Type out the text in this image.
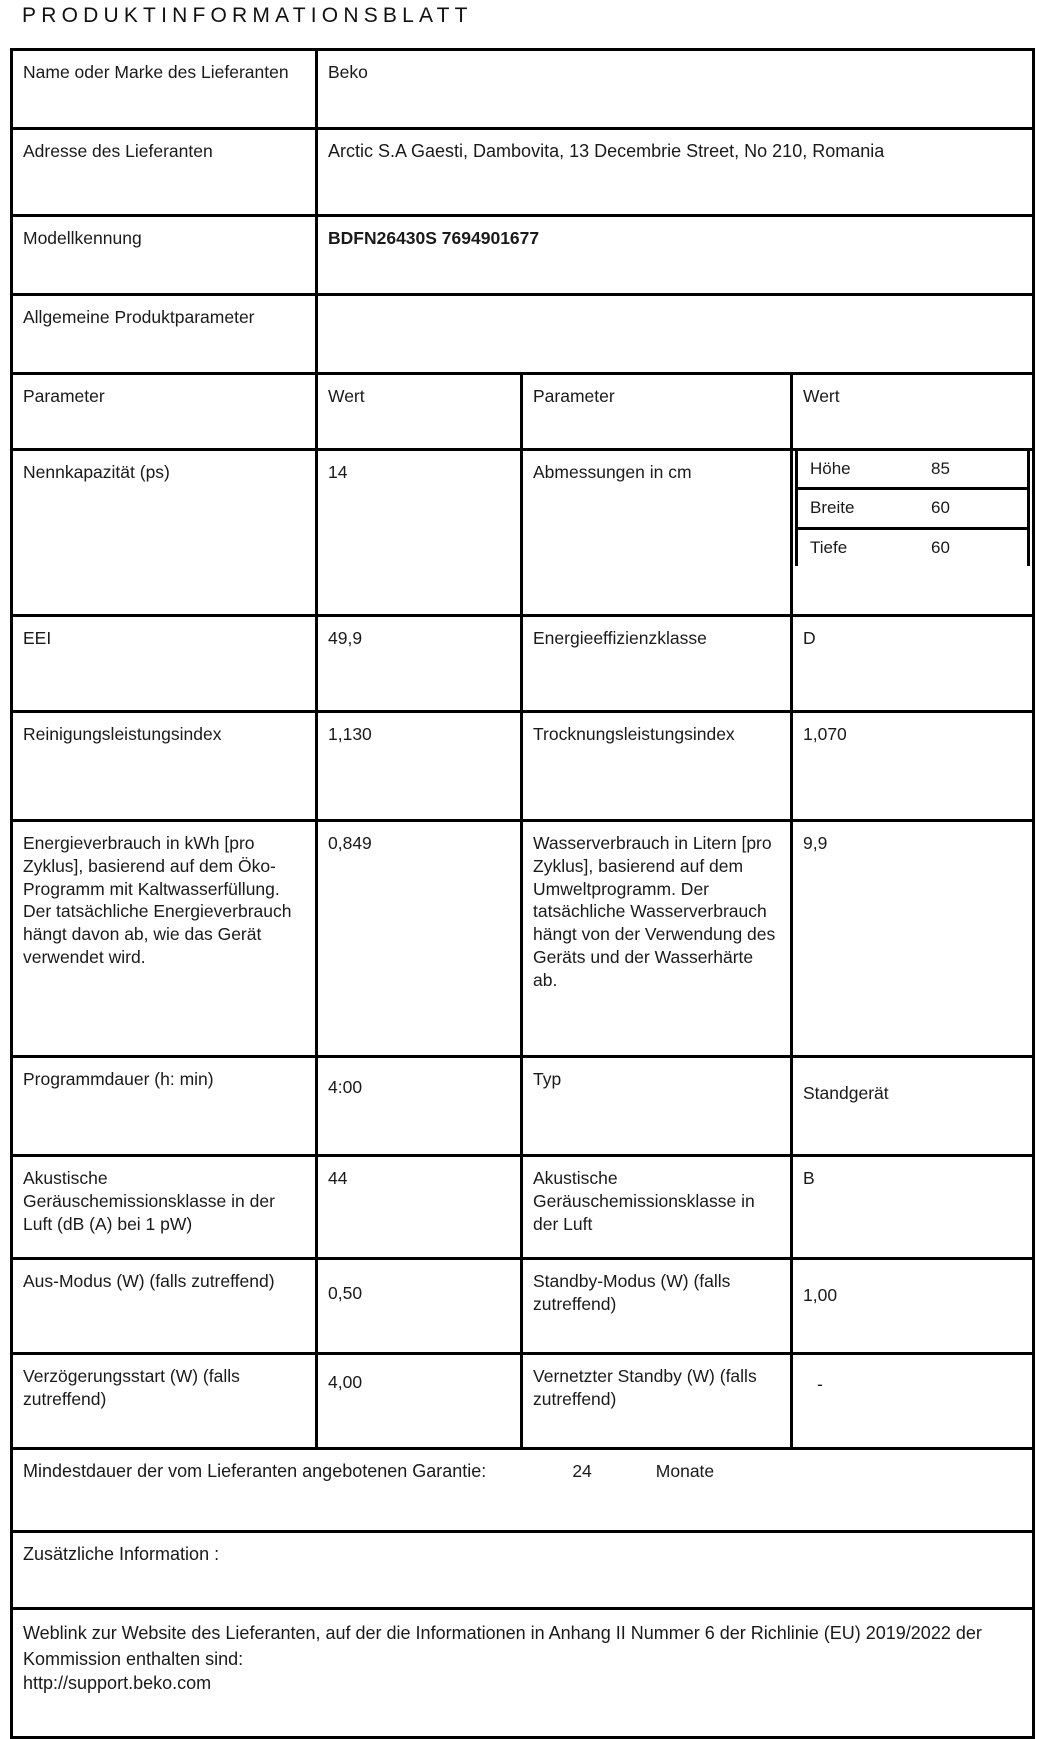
PRODUKTINFORMATIONSBLATT
Name oder Marke des Lieferanten	Beko
Adresse des Lieferanten	Arctic S.A Gaesti, Dambovita, 13 Decembrie Street, No 210, Romania
Modellkennung	BDFN26430S 7694901677
Allgemeine Produktparameter	
Parameter	Wert	Parameter	Wert
Nennkapazität (ps)	14	Abmessungen in cm		Höhe	85
Breite	60
Tiefe	60

EEI	49,9	Energieeffizienzklasse	D
Reinigungsleistungsindex	1,130	Trocknungsleistungsindex	1,070
Energieverbrauch in kWh [pro Zyklus], basierend auf dem Öko-Programm mit Kaltwasserfüllung. Der tatsächliche Energieverbrauch hängt davon ab, wie das Gerät verwendet wird.	0,849	Wasserverbrauch in Litern [pro Zyklus], basierend auf dem Umweltprogramm. Der tatsächliche Wasserverbrauch hängt von der Verwendung des Geräts und der Wasserhärte ab.	9,9
Programmdauer (h: min)	4:00	Typ	Standgerät
Akustische Geräuschemissionsklasse in der Luft (dB (A) bei 1 pW)	44	Akustische Geräuschemissionsklasse in der Luft	B
Aus-Modus (W) (falls zutreffend)	0,50	Standby-Modus (W) (falls zutreffend)	1,00
Verzögerungsstart (W) (falls zutreffend)	4,00	Vernetzter Standby (W) (falls zutreffend)	-

Mindestdauer der vom Lieferanten angebotenen Garantie:	24	Monate

Zusätzliche Information :

Weblink zur Website des Lieferanten, auf der die Informationen in Anhang II Nummer 6 der Richlinie (EU) 2019/2022 der Kommission enthalten sind:
http://support.beko.com
